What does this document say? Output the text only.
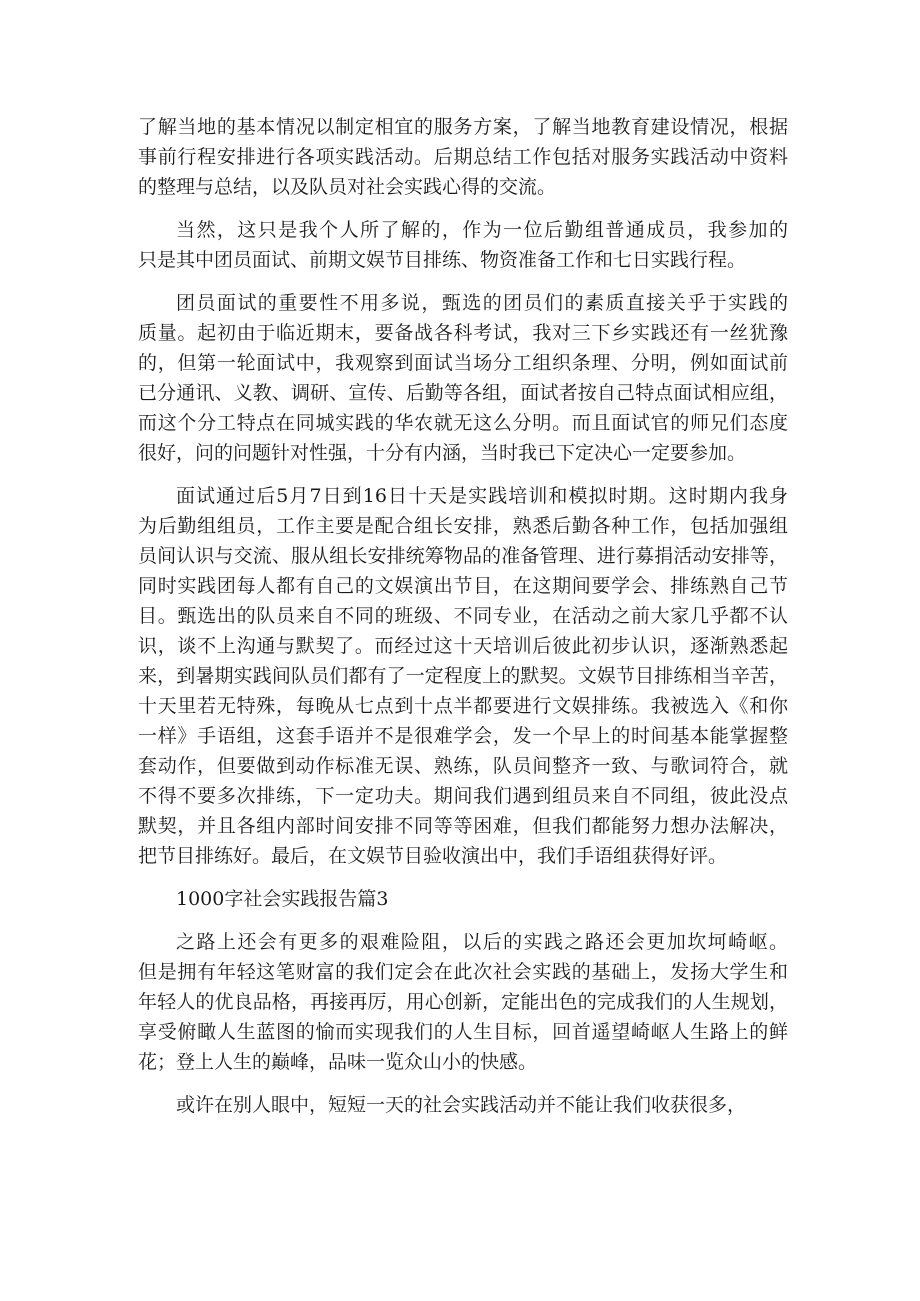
了解当地的基本情况以制定相宜的服务方案，了解当地教育建设情况，根据
事前行程安排进行各项实践活动。后期总结工作包括对服务实践活动中资料
的整理与总结，以及队员对社会实践心得的交流。
当然，这只是我个人所了解的，作为一位后勤组普通成员，我参加的
只是其中团员面试、前期文娱节目排练、物资准备工作和七日实践行程。
团员面试的重要性不用多说，甄选的团员们的素质直接关乎于实践的
质量。起初由于临近期末，要备战各科考试，我对三下乡实践还有一丝犹豫
的，但第一轮面试中，我观察到面试当场分工组织条理、分明，例如面试前
已分通讯、义教、调研、宣传、后勤等各组，面试者按自己特点面试相应组，
而这个分工特点在同城实践的华农就无这么分明。而且面试官的师兄们态度
很好，问的问题针对性强，十分有内涵，当时我已下定决心一定要参加。
面试通过后5月7日到16日十天是实践培训和模拟时期。这时期内我身
为后勤组组员，工作主要是配合组长安排，熟悉后勤各种工作，包括加强组
员间认识与交流、服从组长安排统筹物品的准备管理、进行募捐活动安排等，
同时实践团每人都有自己的文娱演出节目，在这期间要学会、排练熟自己节
目。甄选出的队员来自不同的班级、不同专业，在活动之前大家几乎都不认
识，谈不上沟通与默契了。而经过这十天培训后彼此初步认识，逐渐熟悉起
来，到暑期实践间队员们都有了一定程度上的默契。文娱节目排练相当辛苦，
十天里若无特殊，每晚从七点到十点半都要进行文娱排练。我被选入《和你
一样》手语组，这套手语并不是很难学会，发一个早上的时间基本能掌握整
套动作，但要做到动作标准无误、熟练，队员间整齐一致、与歌词符合，就
不得不要多次排练，下一定功夫。期间我们遇到组员来自不同组，彼此没点
默契，并且各组内部时间安排不同等等困难，但我们都能努力想办法解决，
把节目排练好。最后，在文娱节目验收演出中，我们手语组获得好评。
1000字社会实践报告篇3
之路上还会有更多的艰难险阻，以后的实践之路还会更加坎坷崎岖。
但是拥有年轻这笔财富的我们定会在此次社会实践的基础上，发扬大学生和
年轻人的优良品格，再接再厉，用心创新，定能出色的完成我们的人生规划，
享受俯瞰人生蓝图的愉而实现我们的人生目标，回首遥望崎岖人生路上的鲜
花；登上人生的巅峰，品味一览众山小的快感。
或许在别人眼中，短短一天的社会实践活动并不能让我们收获很多，
